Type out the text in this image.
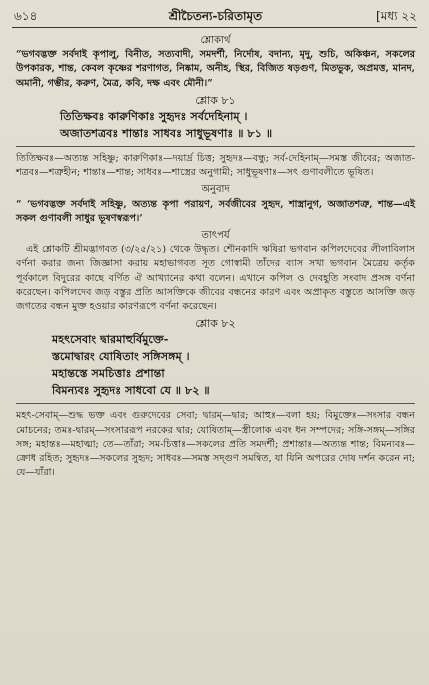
৬১৪	শ্রীচৈতন্য-চরিতামৃত	[মধ্য ২২
শ্লোকার্থ

“ভগবদ্ভক্ত সর্বদাই কৃপালু, বিনীত, সত্যবাদী, সমদর্শী, নির্দোষ, বদান্য, মৃদু, শুচি, অকিঞ্চন, সকলের উপকারক, শান্ত, কেবল কৃষ্ণের শরণাগত, নিষ্কাম, অনীহ, স্থির, বিজিত ষড়গুণ, মিতভুক, অপ্রমত্ত, মানদ, অমানী, গম্ভীর, করুণ, মৈত্র, কবি, দক্ষ এবং মৌনী।”

শ্লোক ৮১
তিতিক্ষবঃ কারুণিকাঃ সুহৃদঃ সর্বদেহিনাম্ ।
অজাতশত্রবঃ শান্তাঃ সাধবঃ সাধুভূষণাঃ ॥ ৮১ ॥

তিতিক্ষবঃ—অত্যন্ত সহিষ্ণু; কারুণিকাঃ—দয়ার্দ্র চিত্ত; সুহৃদঃ—বন্ধু; সর্ব-দেহিনাম্—সমস্ত জীবের; অজাত-শত্রবঃ—শত্রুহীন; শান্তাঃ—শান্ত; সাধবঃ—শাস্ত্রের অনুগামী; সাধুভূষণাঃ—সৎ গুণাবলীতে ভূষিত।

অনুবাদ

“ ‘ভগবদ্ভক্ত সর্বদাই সহিষ্ণু, অত্যন্ত কৃপা পরায়ণ, সর্বজীবের সুহৃদ, শাস্ত্রানুগ, অজাতশত্রু, শান্ত—এই সকল গুণাবলী সাধুর ভূষণস্বরূপ।’

তাৎপর্য

এই শ্লোকটি শ্রীমদ্ভাগবত (৩/২৫/২১) থেকে উদ্ধৃত। শৌনকাদি ঋষিরা ভগবান কপিলদেবের লীলাবিলাস বর্ণনা করার জন্য জিজ্ঞাসা করায় মহাভাগবত সূত গোস্বামী তাঁদের ব্যাস সখা ভগবান মৈত্রেয় কর্তৃক পূর্বকালে বিদুরের কাছে বর্ণিত ঐ আখ্যানের কথা বলেন। এখানে কপিল ও দেবহূতি সংবাদ প্রসঙ্গ বর্ণনা করেছেন। কপিলদেব জড় বস্তুর প্রতি আসক্তিকে জীবের বন্ধনের কারণ এবং অপ্রাকৃত বস্তুতে আসক্তি জড় জগতের বন্ধন মুক্ত হওয়ার কারণরূপে বর্ণনা করেছেন।

শ্লোক ৮২
মহৎসেবাং দ্বারমাহুর্বিমুক্তে-
স্তমোদ্বারং যোষিতাং সঙ্গিসঙ্গম্ ।
মহান্তস্তে সমচিত্তাঃ প্রশান্তা
বিমন্যবঃ সুহৃদঃ সাধবো যে ॥ ৮২ ॥

মহৎ-সেবাম্—শুদ্ধ ভক্ত এবং গুরুদেবের সেবা; দ্বারম্—দ্বার; আহুঃ—বলা হয়; বিমুক্তেঃ—সংসার বন্ধন মোচনের; তমঃ-দ্বারম্—সংসাররূপ নরকের দ্বার; যোষিতাম্—স্ত্রীলোক এবং ধন সম্পদের; সঙ্গি-সঙ্গম্—সঙ্গির সঙ্গ; মহান্তঃ—মহাত্মা; তে—তাঁরা; সম-চিত্তাঃ—সকলের প্রতি সমদর্শী; প্রশান্তাঃ—অত্যন্ত শান্ত; বিমন্যবঃ—ক্রোধ রহিত; সুহৃদঃ—সকলের সুহৃদ; সাধবঃ—সমস্ত সদ্গুণ সমন্বিত, যা যিনি অপরের দোষ দর্শন করেন না; যে—যাঁরা।
